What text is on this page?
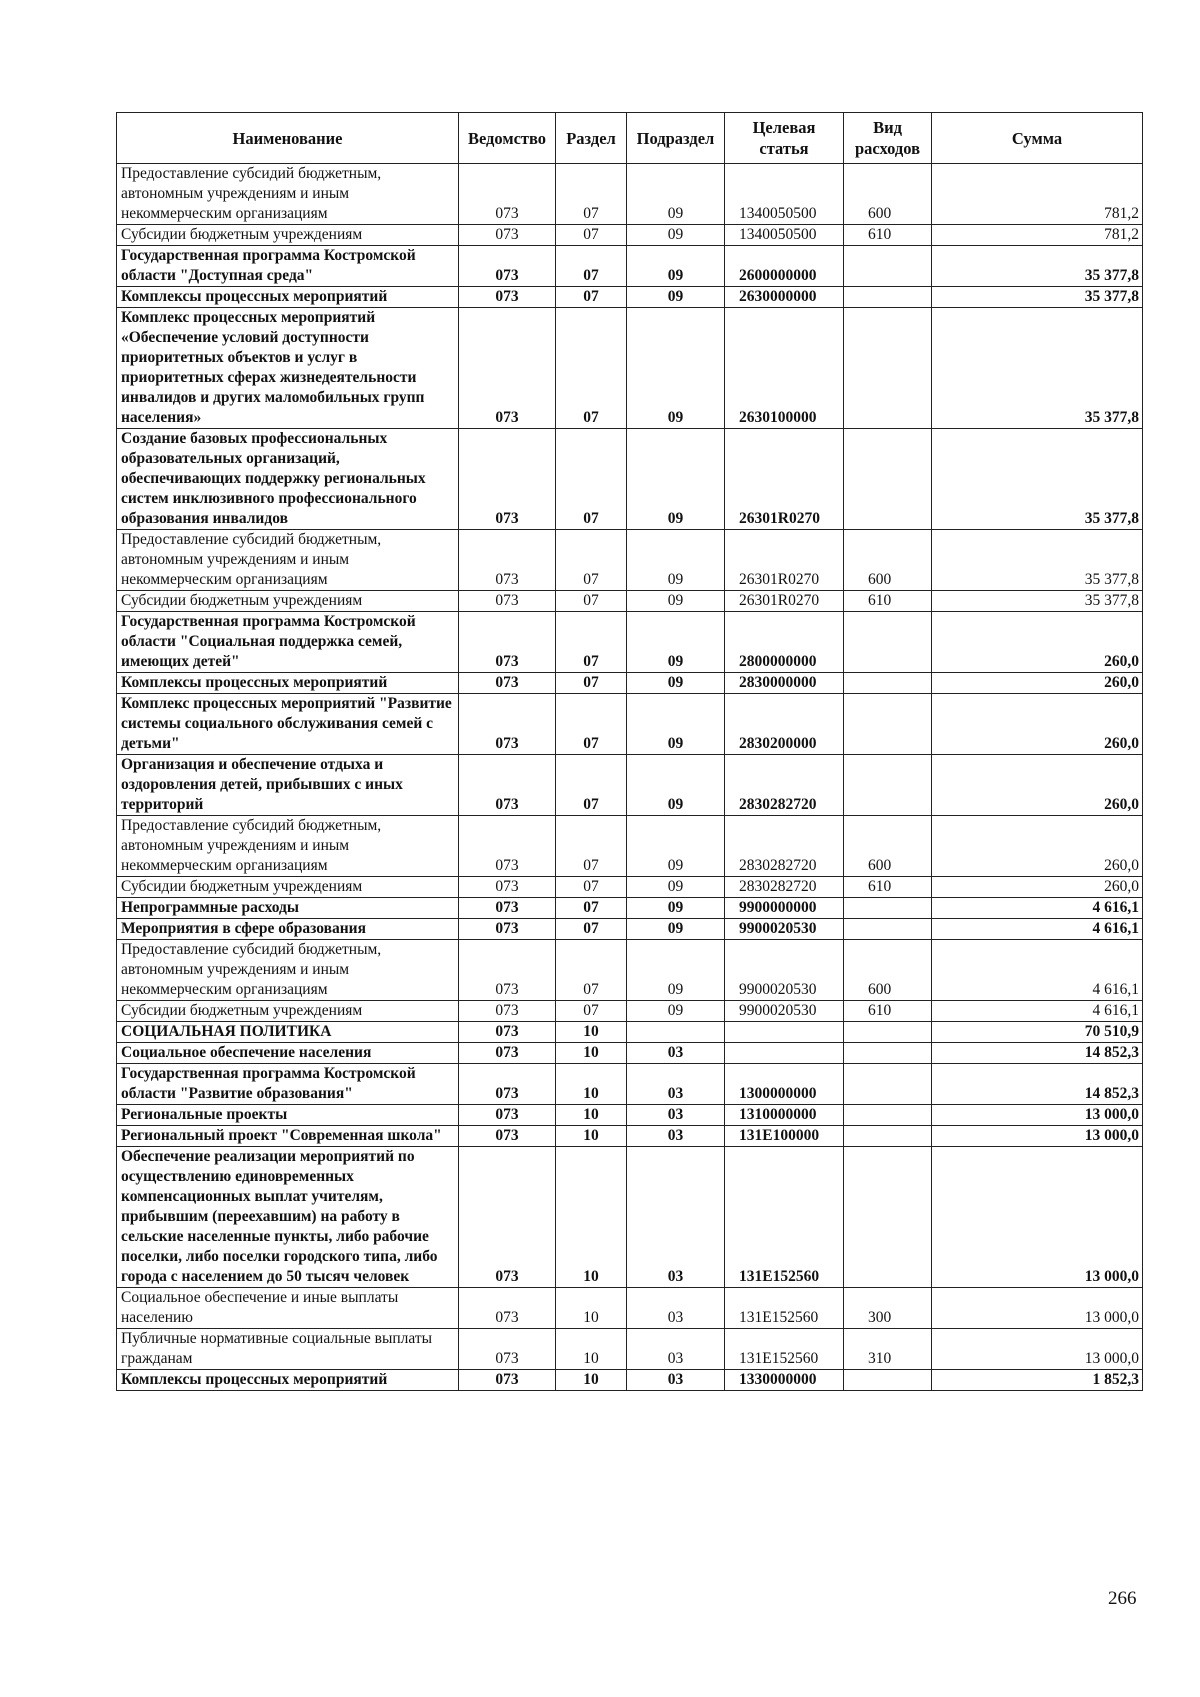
Наименование	Ведомство	Раздел	Подраздел	Целевая статья	Вид расходов	Сумма
Предоставление субсидий бюджетным, автономным учреждениям и иным некоммерческим организациям	073	07	09	1340050500	600	781,2
Субсидии бюджетным учреждениям	073	07	09	1340050500	610	781,2
Государственная программа Костромской области "Доступная среда"	073	07	09	2600000000		35 377,8
Комплексы процессных мероприятий	073	07	09	2630000000		35 377,8
Комплекс процессных мероприятий «Обеспечение условий доступности приоритетных объектов и услуг в приоритетных сферах жизнедеятельности инвалидов и других маломобильных групп населения»	073	07	09	2630100000		35 377,8
Создание базовых профессиональных образовательных организаций, обеспечивающих поддержку региональных систем инклюзивного профессионального образования инвалидов	073	07	09	26301R0270		35 377,8
Предоставление субсидий бюджетным, автономным учреждениям и иным некоммерческим организациям	073	07	09	26301R0270	600	35 377,8
Субсидии бюджетным учреждениям	073	07	09	26301R0270	610	35 377,8
Государственная программа Костромской области "Социальная поддержка семей, имеющих детей"	073	07	09	2800000000		260,0
Комплексы процессных мероприятий	073	07	09	2830000000		260,0
Комплекс процессных мероприятий "Развитие системы социального обслуживания семей с детьми"	073	07	09	2830200000		260,0
Организация и обеспечение отдыха и оздоровления детей, прибывших с иных территорий	073	07	09	2830282720		260,0
Предоставление субсидий бюджетным, автономным учреждениям и иным некоммерческим организациям	073	07	09	2830282720	600	260,0
Субсидии бюджетным учреждениям	073	07	09	2830282720	610	260,0
Непрограммные расходы	073	07	09	9900000000		4 616,1
Мероприятия в сфере образования	073	07	09	9900020530		4 616,1
Предоставление субсидий бюджетным, автономным учреждениям и иным некоммерческим организациям	073	07	09	9900020530	600	4 616,1
Субсидии бюджетным учреждениям	073	07	09	9900020530	610	4 616,1
СОЦИАЛЬНАЯ ПОЛИТИКА	073	10				70 510,9
Социальное обеспечение населения	073	10	03			14 852,3
Государственная программа Костромской области "Развитие образования"	073	10	03	1300000000		14 852,3
Региональные проекты	073	10	03	1310000000		13 000,0
Региональный проект "Современная школа"	073	10	03	131E100000		13 000,0
Обеспечение реализации мероприятий по осуществлению единовременных компенсационных выплат учителям, прибывшим (переехавшим) на работу в сельские населенные пункты, либо рабочие поселки, либо поселки городского типа, либо города с населением до 50 тысяч человек	073	10	03	131E152560		13 000,0
Социальное обеспечение и иные выплаты населению	073	10	03	131E152560	300	13 000,0
Публичные нормативные социальные выплаты гражданам	073	10	03	131E152560	310	13 000,0
Комплексы процессных мероприятий	073	10	03	1330000000		1 852,3
266
